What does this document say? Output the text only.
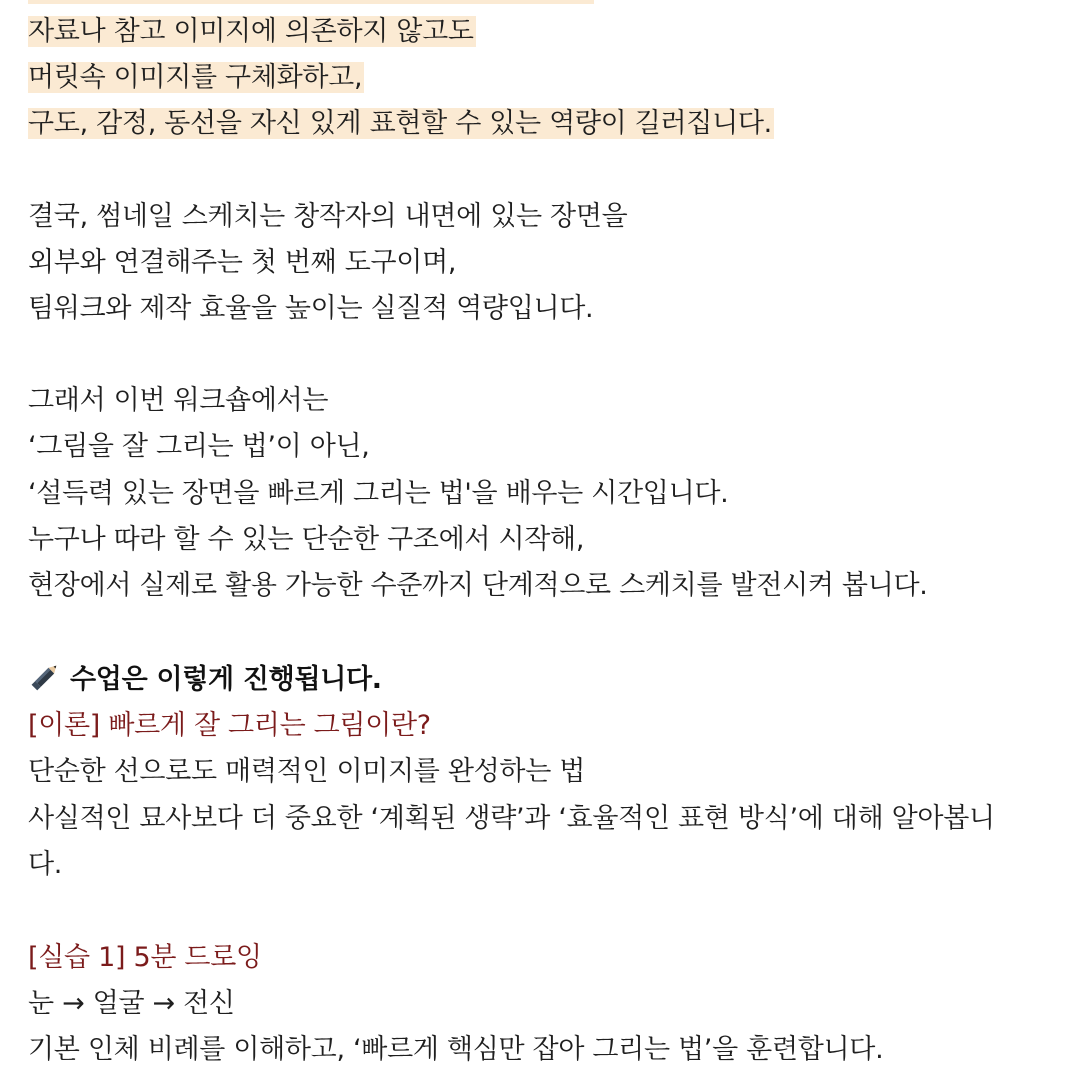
자료나 참고 이미지에 의존하지 않고도
머릿속 이미지를 구체화하고,
구도, 감정, 동선을 자신 있게 표현할 수 있는 역량이 길러집니다.
결국, 썸네일 스케치는 창작자의 내면에 있는 장면을
외부와 연결해주는 첫 번째 도구이며,
팀워크와 제작 효율을 높이는 실질적 역량입니다.
그래서 이번 워크숍에서는
‘그림을 잘 그리는 법’이 아닌,
‘설득력 있는 장면을 빠르게 그리는 법'을 배우는 시간입니다.
누구나 따라 할 수 있는 단순한 구조에서 시작해,
현장에서 실제로 활용 가능한 수준까지 단계적으로 스케치를 발전시켜 봅니다.
수업은 이렇게 진행됩니다.
[이론] 빠르게 잘 그리는 그림이란?
단순한 선으로도 매력적인 이미지를 완성하는 법
사실적인 묘사보다 더 중요한 ‘계획된 생략’과 ‘효율적인 표현 방식’에 대해 알아봅니
다.
[실습 1] 5분 드로잉
눈 → 얼굴 → 전신
기본 인체 비례를 이해하고, ‘빠르게 핵심만 잡아 그리는 법’을 훈련합니다.
